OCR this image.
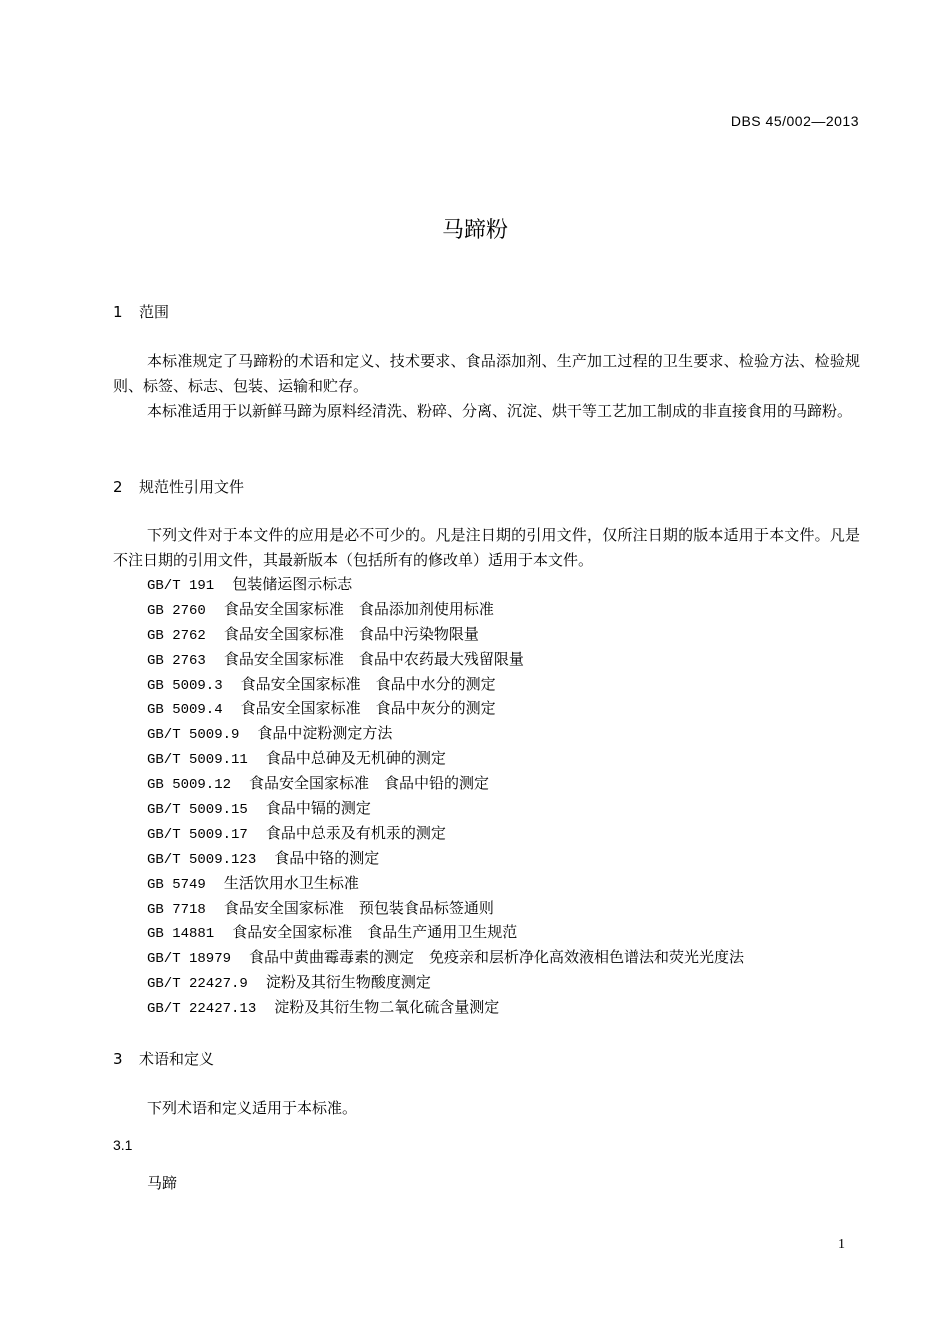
DBS 45/002—2013
马蹄粉
1 范围

本标准规定了马蹄粉的术语和定义、技术要求、食品添加剂、生产加工过程的卫生要求、检验方法、检验规则、标签、标志、包装、运输和贮存。

本标准适用于以新鲜马蹄为原料经清洗、粉碎、分离、沉淀、烘干等工艺加工制成的非直接食用的马蹄粉。

2 规范性引用文件

下列文件对于本文件的应用是必不可少的。凡是注日期的引用文件，仅所注日期的版本适用于本文件。凡是不注日期的引用文件，其最新版本（包括所有的修改单）适用于本文件。

GB/T 191 包装储运图示标志
GB 2760 食品安全国家标准　食品添加剂使用标准
GB 2762 食品安全国家标准　食品中污染物限量
GB 2763 食品安全国家标准　食品中农药最大残留限量
GB 5009.3 食品安全国家标准　食品中水分的测定
GB 5009.4 食品安全国家标准　食品中灰分的测定
GB/T 5009.9 食品中淀粉测定方法
GB/T 5009.11 食品中总砷及无机砷的测定
GB 5009.12 食品安全国家标准　食品中铅的测定
GB/T 5009.15 食品中镉的测定
GB/T 5009.17 食品中总汞及有机汞的测定
GB/T 5009.123 食品中铬的测定
GB 5749 生活饮用水卫生标准
GB 7718 食品安全国家标准　预包装食品标签通则
GB 14881 食品安全国家标准　食品生产通用卫生规范
GB/T 18979 食品中黄曲霉毒素的测定　免疫亲和层析净化高效液相色谱法和荧光光度法
GB/T 22427.9 淀粉及其衍生物酸度测定
GB/T 22427.13 淀粉及其衍生物二氧化硫含量测定
3 术语和定义

下列术语和定义适用于本标准。

3.1
马蹄
1
